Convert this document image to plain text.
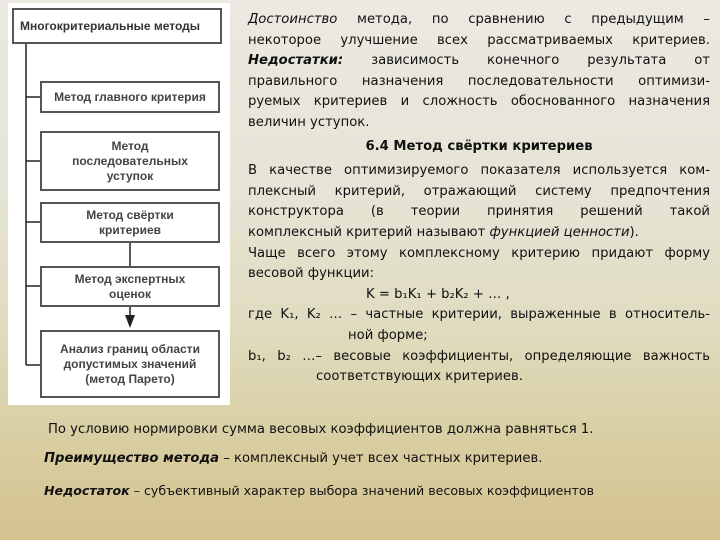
Многокритериальные методы
Метод главного критерия
Метод
последовательных
уступок
Метод свёртки
критериев
Метод экспертных
оценок
Анализ границ области
допустимых значений
(метод Парето)

Достоинство метода, по сравнению с предыдущим –

некоторое улучшение всех рассматриваемых критериев.

Недостатки: зависимость конечного результата от

правильного назначения последовательности оптимизи-

руемых критериев и сложность обоснованного назначения

величин уступок.

6.4 Метод свёртки критериев

В качестве оптимизируемого показателя используется ком-

плексный критерий, отражающий систему предпочтения

конструктора (в теории принятия решений такой

комплексный критерий называют функцией ценности).

Чаще всего этому комплексному критерию придают форму

весовой функции:

K = b₁K₁ + b₂K₂ + … ,

где K₁, K₂ … – частные критерии, выраженные в относитель-

ной форме;

b₁, b₂ …– весовые коэффициенты, определяющие важность

соответствующих критериев.

По условию нормировки сумма весовых коэффициентов должна равняться 1.
Преимущество метода – комплексный учет всех частных критериев.
Недостаток – субъективный характер выбора значений весовых коэффициентов
